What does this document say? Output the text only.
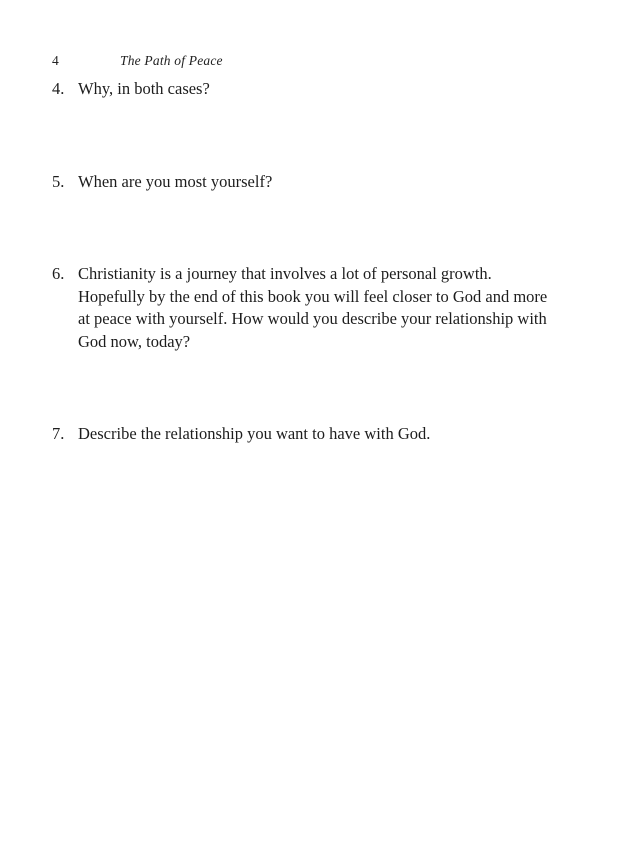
4	The Path of Peace
4. Why, in both cases?
5. When are you most yourself?
6. Christianity is a journey that involves a lot of personal growth. Hopefully by the end of this book you will feel closer to God and more at peace with yourself. How would you describe your relationship with God now, today?
7. Describe the relationship you want to have with God.
